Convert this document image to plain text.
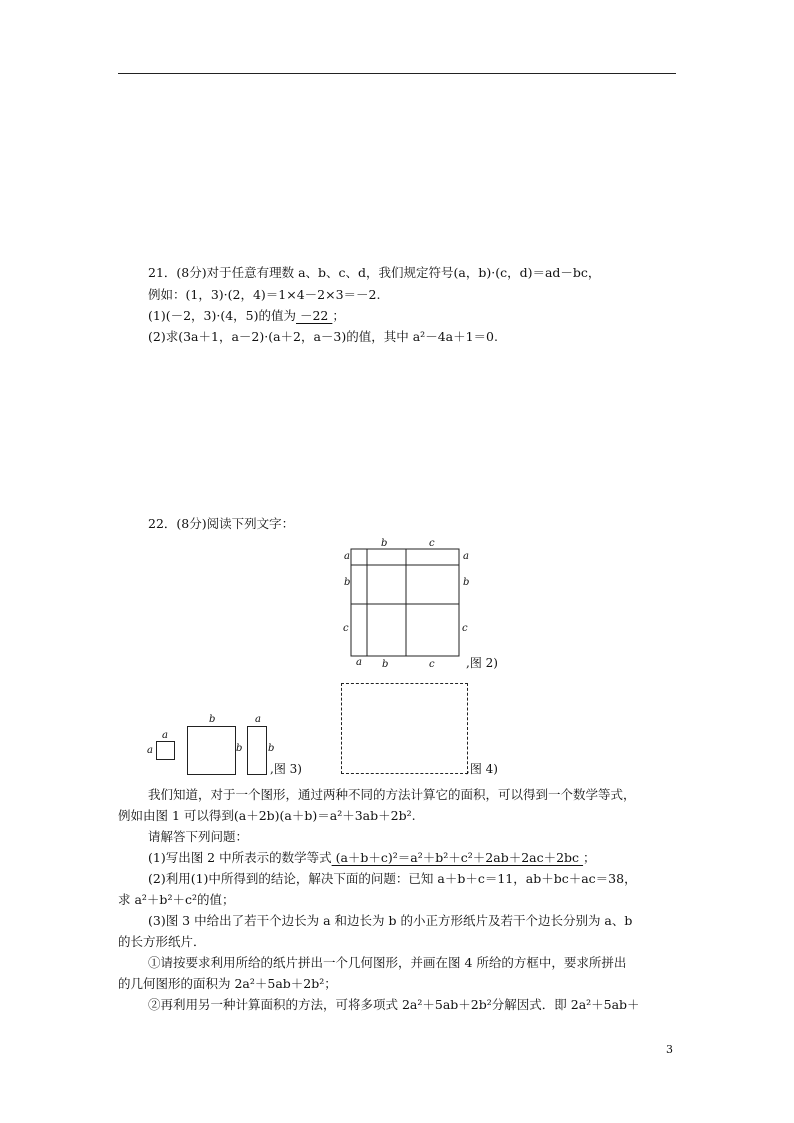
21．(8分)对于任意有理数 a、b、c、d，我们规定符号(a，b)·(c，d)＝ad－bc，
例如：(1，3)·(2，4)＝1×4－2×3＝－2.
(1)(－2，3)·(4，5)的值为 －22 ；
(2)求(3a＋1，a－2)·(a＋2，a－3)的值，其中 a²－4a＋1＝0.
22．(8分)阅读下列文字：
b	c
a
b
c
a
b
c
a b	c	,图 2)
a
a
b
b
a
b
,图 3)	,图 4)
我们知道，对于一个图形，通过两种不同的方法计算它的面积，可以得到一个数学等式，
例如由图 1 可以得到(a＋2b)(a＋b)＝a²＋3ab＋2b².
请解答下列问题：
(1)写出图 2 中所表示的数学等式 (a＋b＋c)²＝a²＋b²＋c²＋2ab＋2ac＋2bc ；
(2)利用(1)中所得到的结论，解决下面的问题：已知 a＋b＋c＝11，ab＋bc＋ac＝38，
求 a²＋b²＋c²的值；
(3)图 3 中给出了若干个边长为 a 和边长为 b 的小正方形纸片及若干个边长分别为 a、b
的长方形纸片．
①请按要求利用所给的纸片拼出一个几何图形，并画在图 4 所给的方框中，要求所拼出
的几何图形的面积为 2a²＋5ab＋2b²；
②再利用另一种计算面积的方法，可将多项式 2a²＋5ab＋2b²分解因式．即 2a²＋5ab＋
3
